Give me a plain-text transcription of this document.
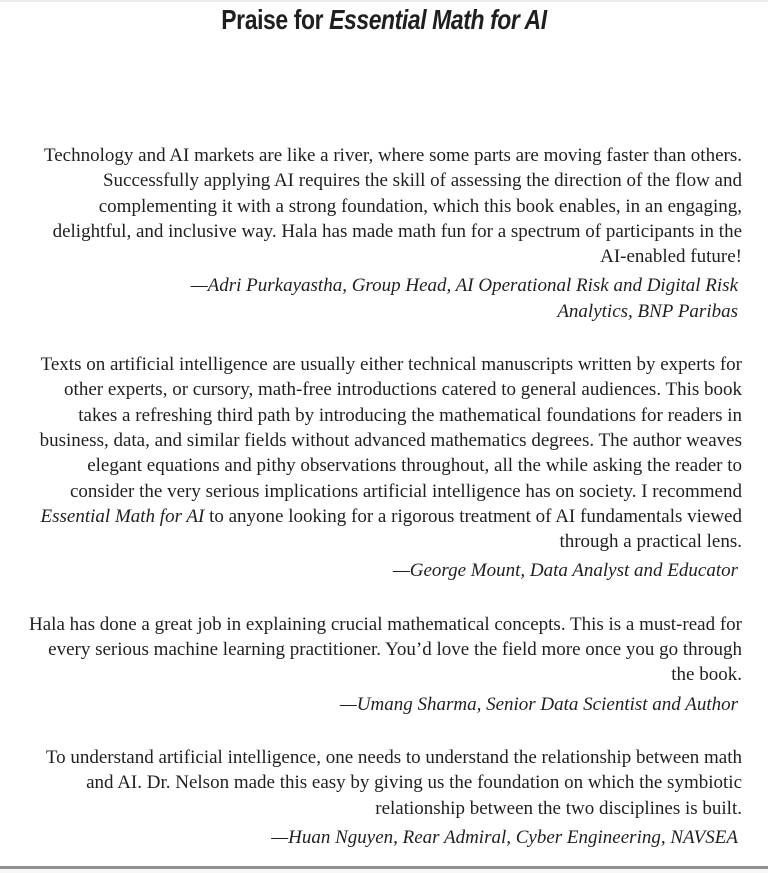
Praise for Essential Math for AI

Technology and AI markets are like a river, where some parts are moving faster than others. Successfully applying AI requires the skill of assessing the direction of the flow and complementing it with a strong foundation, which this book enables, in an engaging, delightful, and inclusive way. Hala has made math fun for a spectrum of participants in the AI-enabled future!

—Adri Purkayastha, Group Head, AI Operational Risk and Digital Risk Analytics, BNP Paribas

Texts on artificial intelligence are usually either technical manuscripts written by experts for other experts, or cursory, math-free introductions catered to general audiences. This book takes a refreshing third path by introducing the mathematical foundations for readers in business, data, and similar fields without advanced mathematics degrees. The author weaves elegant equations and pithy observations throughout, all the while asking the reader to consider the very serious implications artificial intelligence has on society. I recommend Essential Math for AI to anyone looking for a rigorous treatment of AI fundamentals viewed through a practical lens.

—George Mount, Data Analyst and Educator

Hala has done a great job in explaining crucial mathematical concepts. This is a must-read for every serious machine learning practitioner. You’d love the field more once you go through the book.

—Umang Sharma, Senior Data Scientist and Author

To understand artificial intelligence, one needs to understand the relationship between math and AI. Dr. Nelson made this easy by giving us the foundation on which the symbiotic relationship between the two disciplines is built.

—Huan Nguyen, Rear Admiral, Cyber Engineering, NAVSEA
